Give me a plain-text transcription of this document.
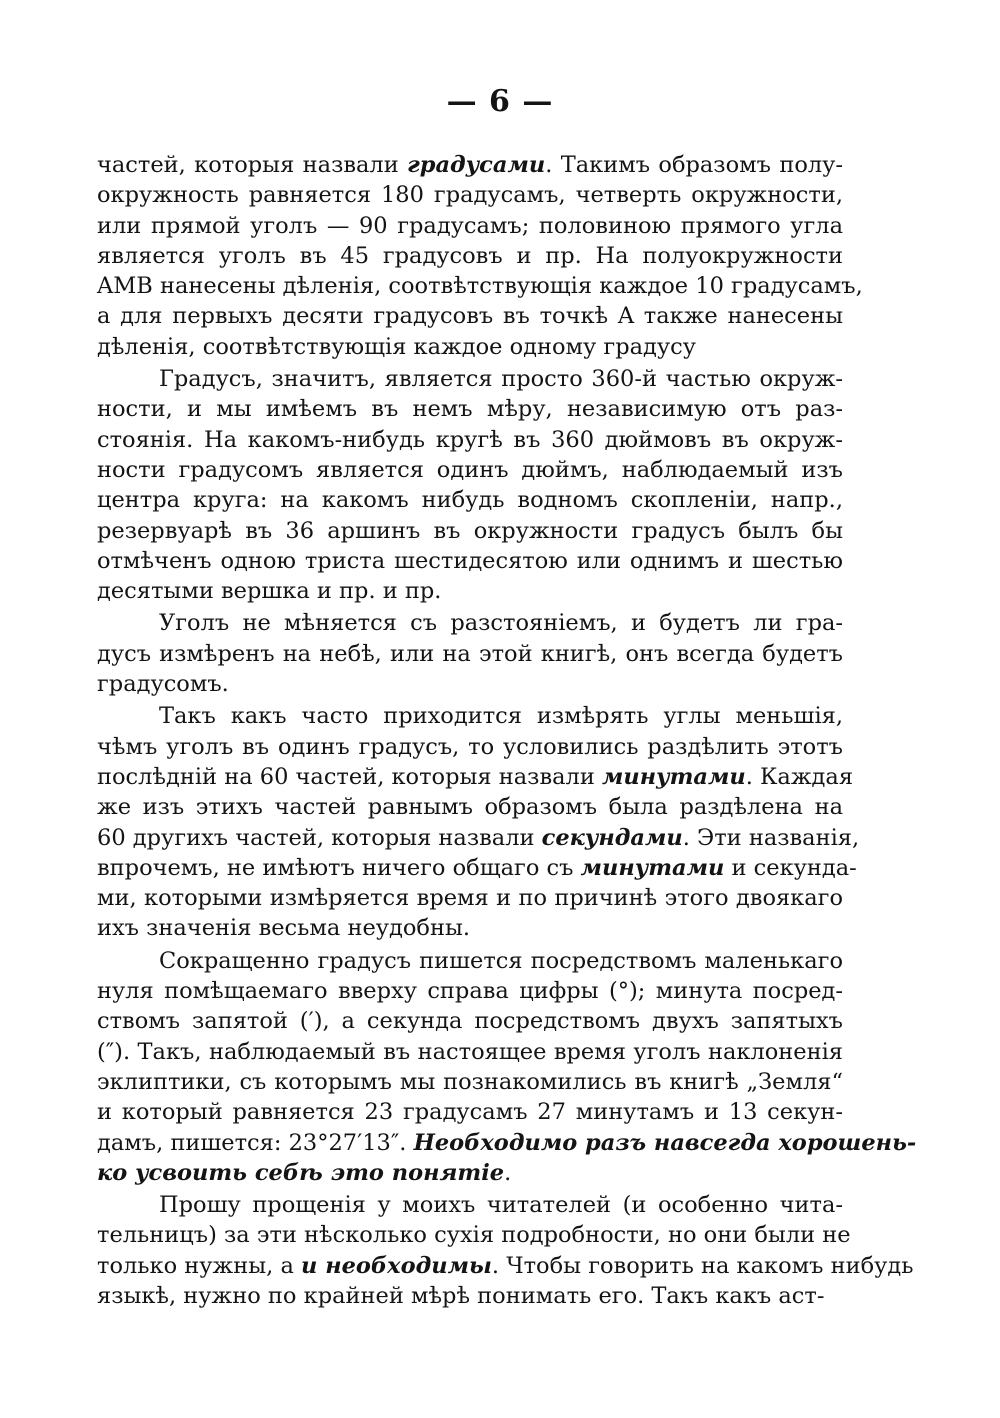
— 6 —
частей, которыя назвали градусами. Такимъ образомъ полу-
окружность равняется 180 градусамъ, четверть окружности,
или прямой уголъ — 90 градусамъ; половиною прямого угла
является уголъ въ 45 градусовъ и пр. На полуокружности
AMB нанесены дѣленія, соотвѣтствующія каждое 10 градусамъ,
а для первыхъ десяти градусовъ въ точкѣ A также нанесены
дѣленія, соотвѣтствующія каждое одному градусу
Градусъ, значитъ, является просто 360-й частью окруж-
ности, и мы имѣемъ въ немъ мѣру, независимую отъ раз-
стоянія. На какомъ-нибудь кругѣ въ 360 дюймовъ въ окруж-
ности градусомъ является одинъ дюймъ, наблюдаемый изъ
центра круга: на какомъ нибудь водномъ скопленіи, напр.,
резервуарѣ въ 36 аршинъ въ окружности градусъ былъ бы
отмѣченъ одною триста шестидесятою или однимъ и шестью
десятыми вершка и пр. и пр.
Уголъ не мѣняется съ разстояніемъ, и будетъ ли гра-
дусъ измѣренъ на небѣ, или на этой книгѣ, онъ всегда будетъ
градусомъ.
Такъ какъ часто приходится измѣрять углы меньшія,
чѣмъ уголъ въ одинъ градусъ, то условились раздѣлить этотъ
послѣдній на 60 частей, которыя назвали минутами. Каждая
же изъ этихъ частей равнымъ образомъ была раздѣлена на
60 другихъ частей, которыя назвали секундами. Эти названія,
впрочемъ, не имѣютъ ничего общаго съ минутами и секунда-
ми, которыми измѣряется время и по причинѣ этого двоякаго
ихъ значенія весьма неудобны.
Сокращенно градусъ пишется посредствомъ маленькаго
нуля помѣщаемаго вверху справа цифры (°); минута посред-
ствомъ запятой (′), а секунда посредствомъ двухъ запятыхъ
(″). Такъ, наблюдаемый въ настоящее время уголъ наклоненія
эклиптики, съ которымъ мы познакомились въ книгѣ „Земля“
и который равняется 23 градусамъ 27 минутамъ и 13 секун-
дамъ, пишется: 23°27′13″. Необходимо разъ навсегда хорошень-
ко усвоить себѣ это понятіе.
Прошу прощенія у моихъ читателей (и особенно чита-
тельницъ) за эти нѣсколько сухія подробности, но они были не
только нужны, а и необходимы. Чтобы говорить на какомъ нибудь
языкѣ, нужно по крайней мѣрѣ понимать его. Такъ какъ аст-
